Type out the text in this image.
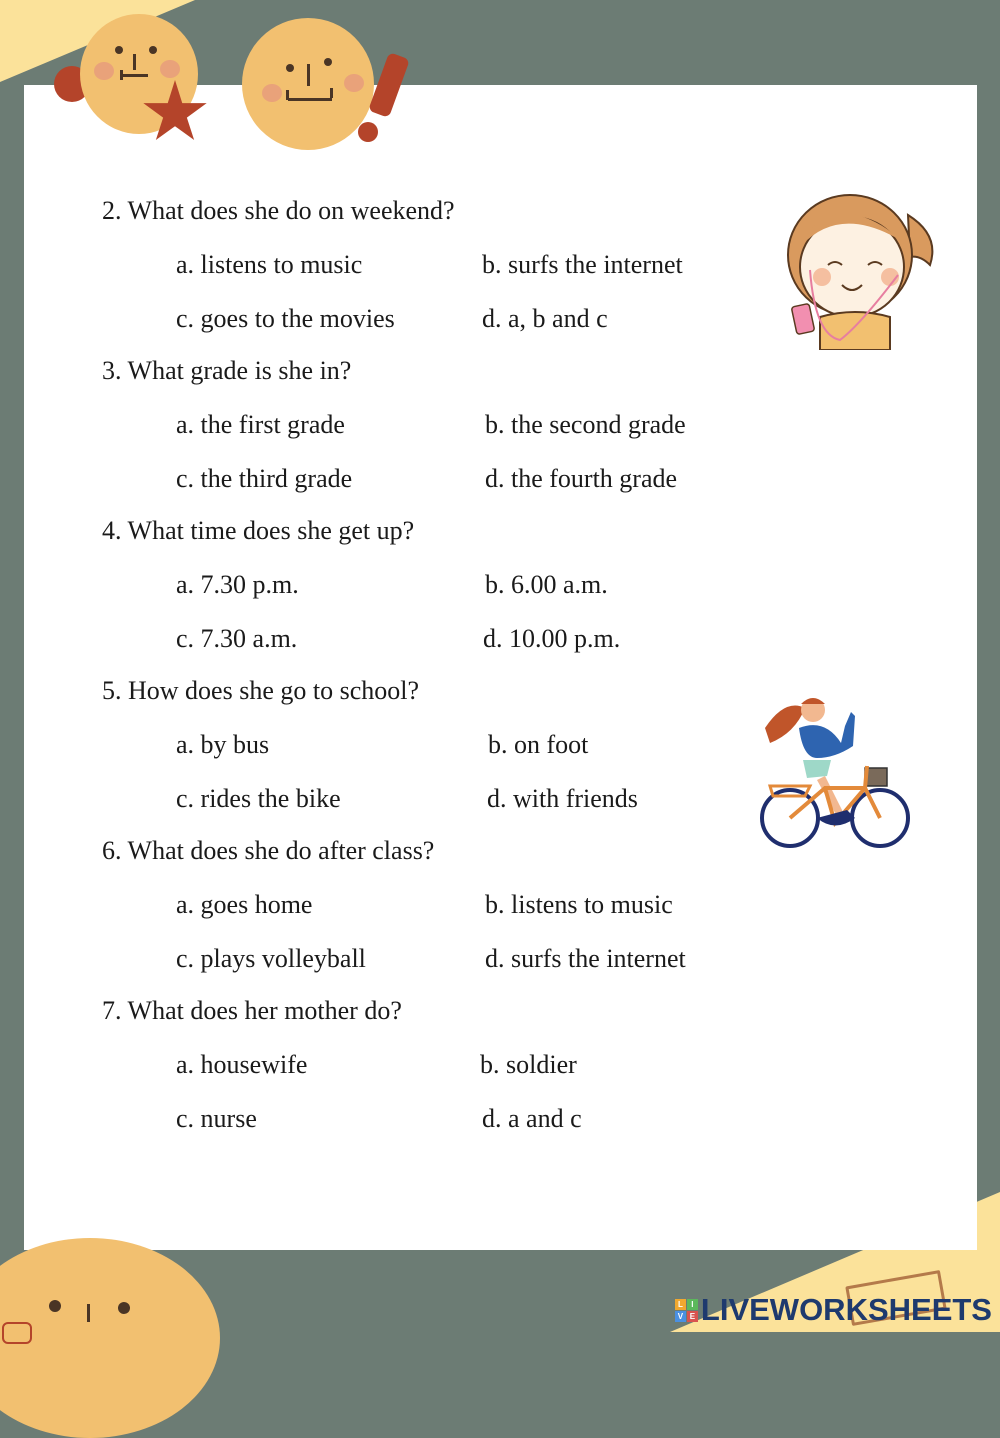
2. What does she do on weekend?
a. listens to music	b. surfs the internet
c. goes to the movies	d. a, b and c
3. What grade is she in?
a. the first grade	b. the second grade
c. the third grade	d. the fourth grade
4. What time does she get up?
a. 7.30 p.m.	b. 6.00 a.m.
c. 7.30 a.m.	d. 10.00 p.m.
5. How does she go to school?
a. by bus	b. on foot
c. rides the bike	d. with friends
6. What does she do after class?
a. goes home	b. listens to music
c. plays volleyball	d. surfs the internet
7. What does her mother do?
a. housewife	b. soldier
c. nurse	d. a and c
L	I
V E LIVEWORKSHEETS
